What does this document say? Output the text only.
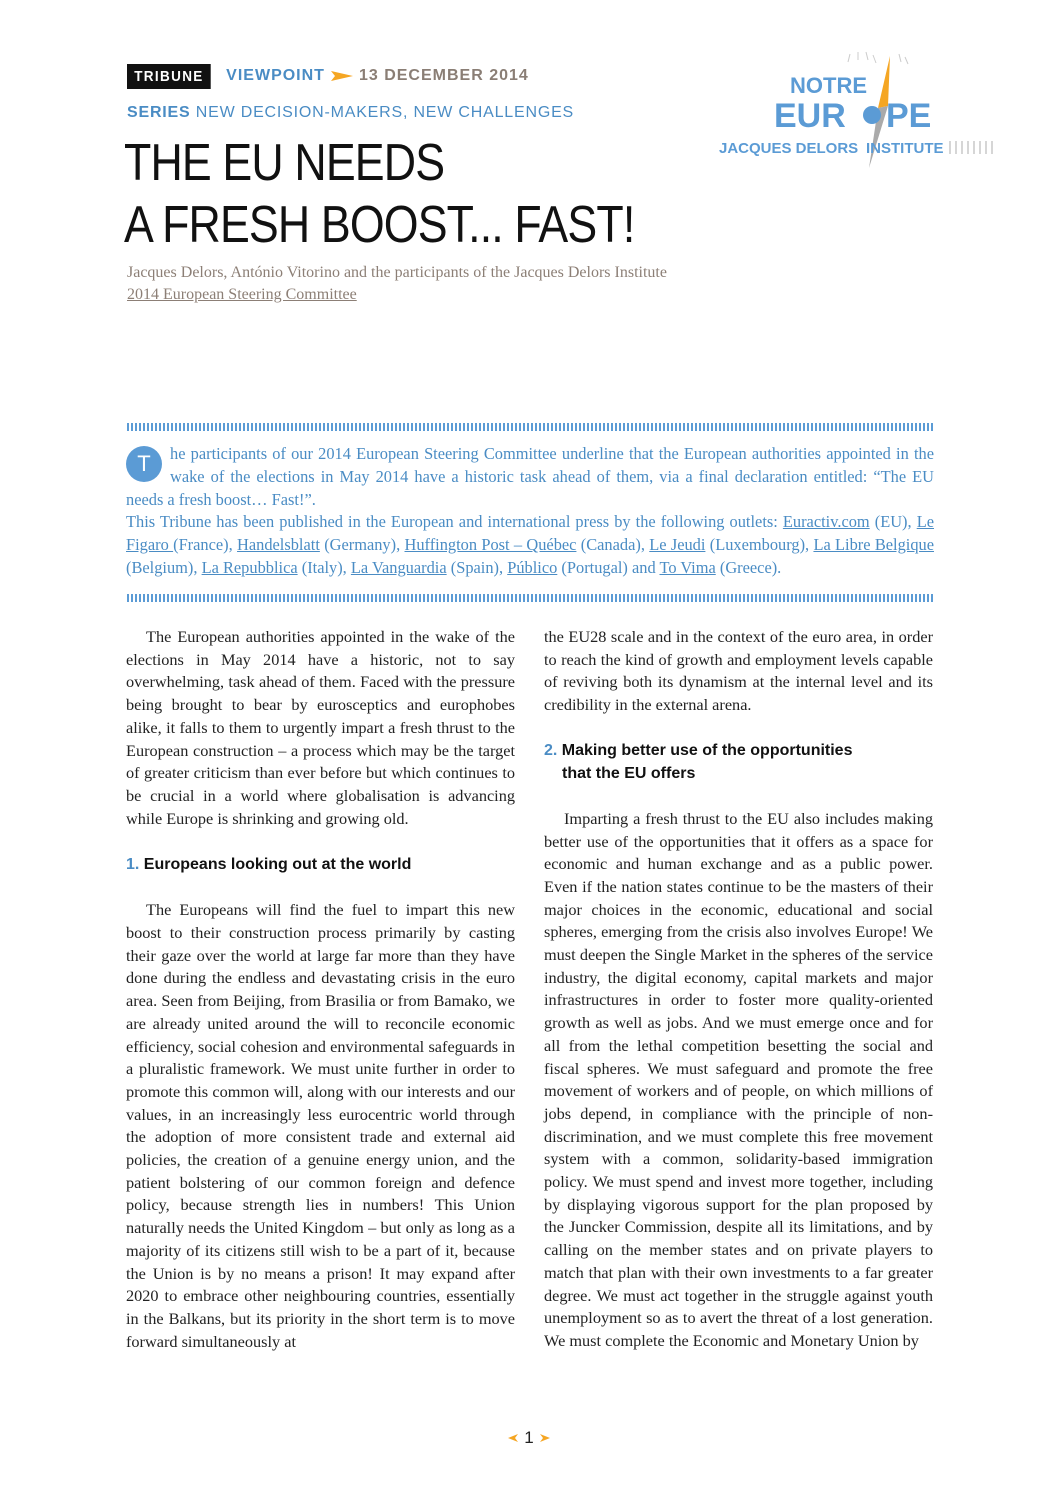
TRIBUNE	VIEWPOINT 13 DECEMBER 2014
SERIES NEW DECISION-MAKERS, NEW CHALLENGES
THE EU NEEDS
A FRESH BOOST... FAST!
Jacques Delors, António Vitorino and the participants of the Jacques Delors Institute
2014 European Steering Committee
NOTRE
EUR PE
JACQUES DELORS INSTITUTE
T	he participants of our 2014 European Steering Committee underline that the European authorities appointed in the wake of the elections in May 2014 have a historic task ahead of them, via a final declaration entitled: “The EU needs a fresh boost… Fast!”.
This Tribune has been published in the European and international press by the following outlets: Euractiv.com (EU), Le Figaro (France), Handelsblatt (Germany), Huffington Post – Québec (Canada), Le Jeudi (Luxembourg), La Libre Belgique (Belgium), La Repubblica (Italy), La Vanguardia (Spain), Público (Portugal) and To Vima (Greece).

The European authorities appointed in the wake of the elections in May 2014 have a historic, not to say overwhelming, task ahead of them. Faced with the pressure being brought to bear by eurosceptics and europhobes alike, it falls to them to urgently impart a fresh thrust to the European construction – a process which may be the target of greater criticism than ever before but which continues to be crucial in a world where globalisation is advancing while Europe is shrinking and growing old.

1. Europeans looking out at the world

The Europeans will find the fuel to impart this new boost to their construction process primarily by casting their gaze over the world at large far more than they have done during the endless and devastating crisis in the euro area. Seen from Beijing, from Brasilia or from Bamako, we are already united around the will to reconcile economic efficiency, social cohesion and environmental safeguards in a pluralistic framework. We must unite further in order to promote this common will, along with our interests and our values, in an increasingly less eurocentric world through the adoption of more consistent trade and external aid policies, the creation of a genuine energy union, and the patient bolstering of our common foreign and defence policy, because strength lies in numbers! This Union naturally needs the United Kingdom – but only as long as a majority of its citizens still wish to be a part of it, because the Union is by no means a prison! It may expand after 2020 to embrace other neighbouring countries, essentially in the Balkans, but its priority in the short term is to move forward simultaneously at

the EU28 scale and in the context of the euro area, in order to reach the kind of growth and employment levels capable of reviving both its dynamism at the internal level and its credibility in the external arena.

2. Making better use of the opportunities
that the EU offers

Imparting a fresh thrust to the EU also includes making better use of the opportunities that it offers as a space for economic and human exchange and as a public power. Even if the nation states continue to be the masters of their major choices in the economic, educational and social spheres, emerging from the crisis also involves Europe! We must deepen the Single Market in the spheres of the service industry, the digital economy, capital markets and major infrastructures in order to foster more quality-oriented growth as well as jobs. And we must emerge once and for all from the lethal competition besetting the social and fiscal spheres. We must safeguard and promote the free movement of workers and of people, on which millions of jobs depend, in compliance with the principle of non-discrimination, and we must complete this free movement system with a common, solidarity-based immigration policy. We must spend and invest more together, including by displaying vigorous support for the plan proposed by the Juncker Commission, despite all its limitations, and by calling on the member states and on private players to match that plan with their own investments to a far greater degree. We must act together in the struggle against youth unemployment so as to avert the threat of a lost generation. We must complete the Economic and Monetary Union by

1
